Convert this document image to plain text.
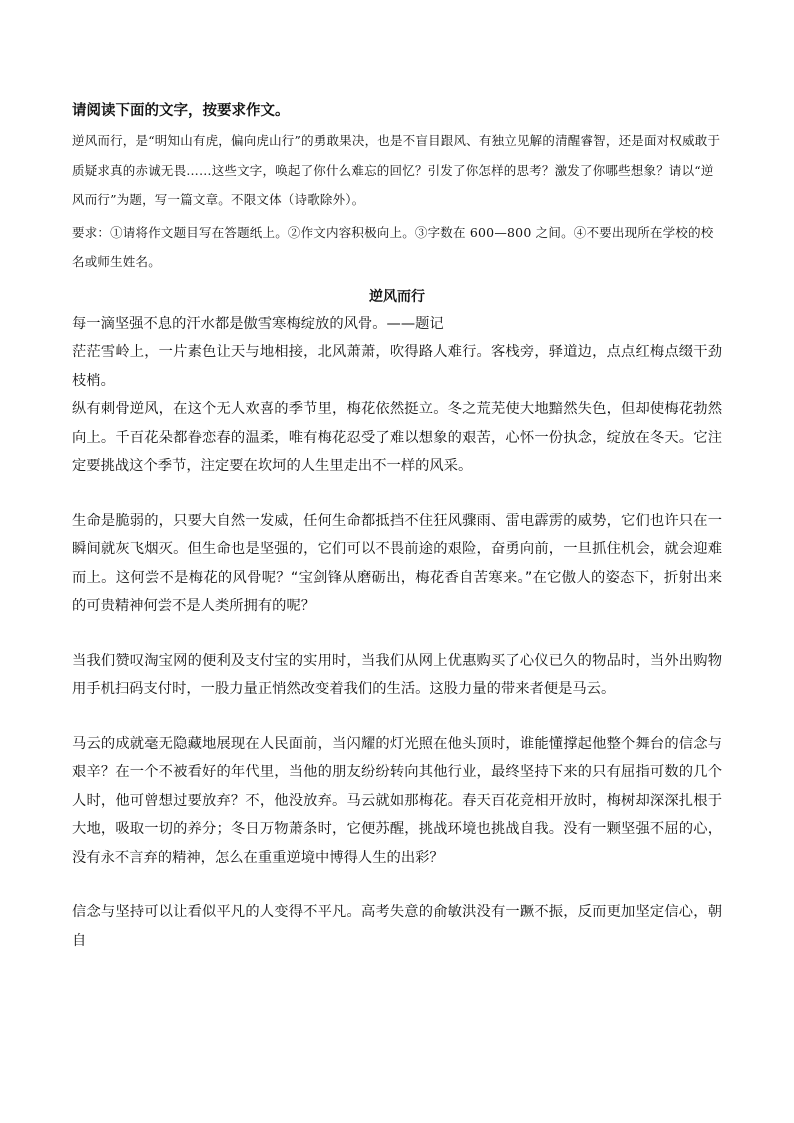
请阅读下面的文字，按要求作文。

逆风而行，是“明知山有虎，偏向虎山行”的勇敢果决，也是不盲目跟风、有独立见解的清醒睿智，还是面对权威敢于质疑求真的赤诚无畏……这些文字，唤起了你什么难忘的回忆？引发了你怎样的思考？激发了你哪些想象？请以“逆风而行”为题，写一篇文章。不限文体（诗歌除外）。

要求：①请将作文题目写在答题纸上。②作文内容积极向上。③字数在 600—800 之间。④不要出现所在学校的校名或师生姓名。

逆风而行

每一滴坚强不息的汗水都是傲雪寒梅绽放的风骨。——题记

茫茫雪岭上，一片素色让天与地相接，北风萧萧，吹得路人难行。客栈旁，驿道边，点点红梅点缀干劲枝梢。

纵有刺骨逆风，在这个无人欢喜的季节里，梅花依然挺立。冬之荒芜使大地黯然失色，但却使梅花勃然向上。千百花朵都眷恋春的温柔，唯有梅花忍受了难以想象的艰苦，心怀一份执念，绽放在冬天。它注定要挑战这个季节，注定要在坎坷的人生里走出不一样的风采。

生命是脆弱的，只要大自然一发威，任何生命都抵挡不住狂风骤雨、雷电霹雳的威势，它们也许只在一瞬间就灰飞烟灭。但生命也是坚强的，它们可以不畏前途的艰险，奋勇向前，一旦抓住机会，就会迎难而上。这何尝不是梅花的风骨呢？“宝剑锋从磨砺出，梅花香自苦寒来。”在它傲人的姿态下，折射出来的可贵精神何尝不是人类所拥有的呢？

当我们赞叹淘宝网的便利及支付宝的实用时，当我们从网上优惠购买了心仪已久的物品时，当外出购物用手机扫码支付时，一股力量正悄然改变着我们的生活。这股力量的带来者便是马云。

马云的成就毫无隐藏地展现在人民面前，当闪耀的灯光照在他头顶时，谁能懂撑起他整个舞台的信念与艰辛？在一个不被看好的年代里，当他的朋友纷纷转向其他行业，最终坚持下来的只有屈指可数的几个人时，他可曾想过要放弃？不，他没放弃。马云就如那梅花。春天百花竞相开放时，梅树却深深扎根于大地，吸取一切的养分；冬日万物萧条时，它便苏醒，挑战环境也挑战自我。没有一颗坚强不屈的心，没有永不言弃的精神，怎么在重重逆境中博得人生的出彩？

信念与坚持可以让看似平凡的人变得不平凡。高考失意的俞敏洪没有一蹶不振，反而更加坚定信心，朝自
